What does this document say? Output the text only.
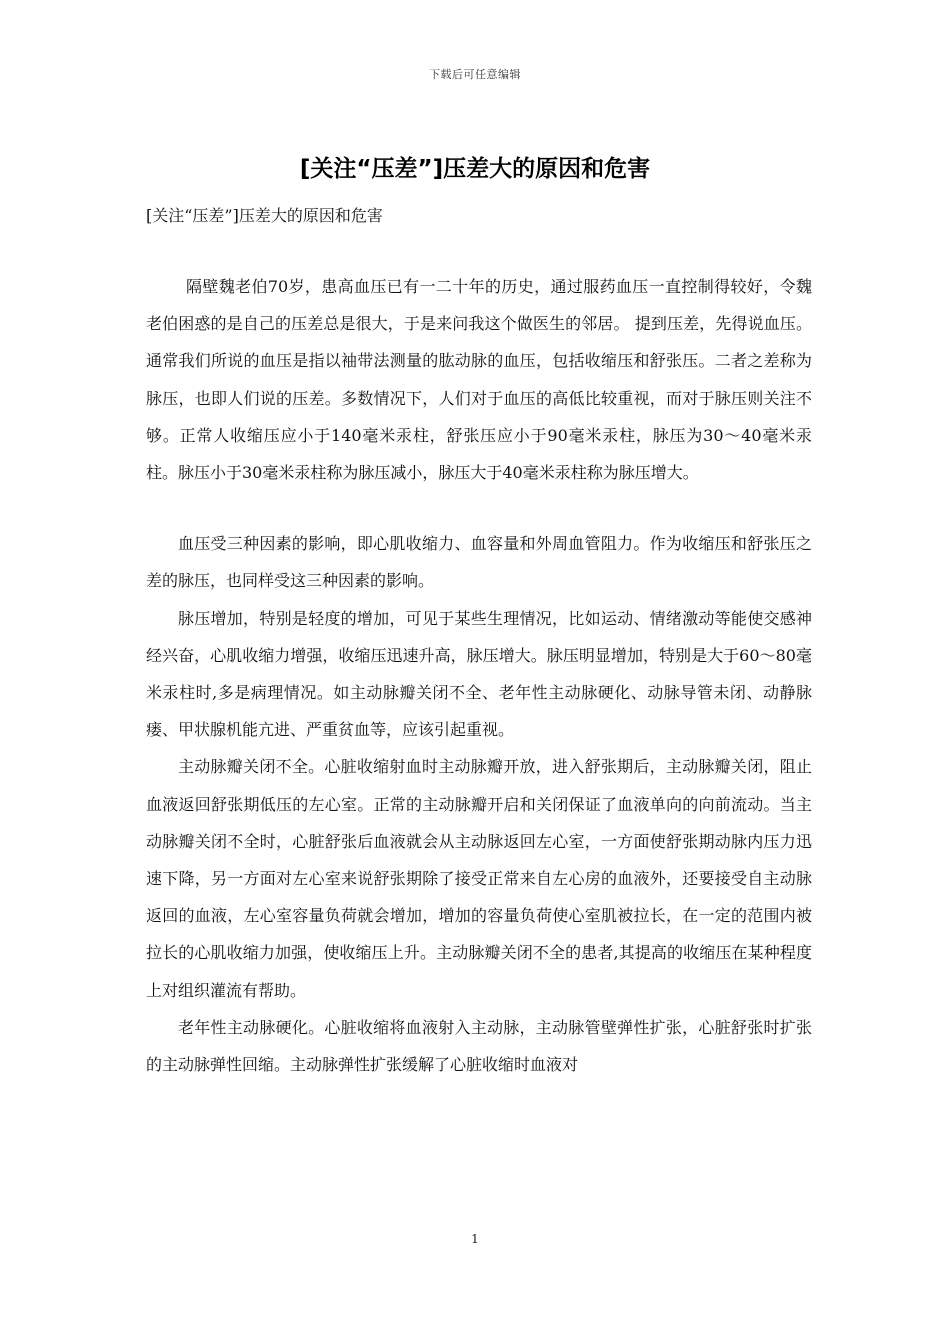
下载后可任意编辑
[关注“压差”]压差大的原因和危害
[关注“压差”]压差大的原因和危害

隔壁魏老伯70岁，患高血压已有一二十年的历史，通过服药血压一直控制得较好，令魏老伯困惑的是自己的压差总是很大，于是来问我这个做医生的邻居。 提到压差，先得说血压。通常我们所说的血压是指以袖带法测量的肱动脉的血压，包括收缩压和舒张压。二者之差称为脉压，也即人们说的压差。多数情况下，人们对于血压的高低比较重视，而对于脉压则关注不够。正常人收缩压应小于140毫米汞柱，舒张压应小于90毫米汞柱，脉压为30～40毫米汞柱。脉压小于30毫米汞柱称为脉压减小，脉压大于40毫米汞柱称为脉压增大。

血压受三种因素的影响，即心肌收缩力、血容量和外周血管阻力。作为收缩压和舒张压之差的脉压，也同样受这三种因素的影响。

脉压增加，特别是轻度的增加，可见于某些生理情况，比如运动、情绪激动等能使交感神经兴奋，心肌收缩力增强，收缩压迅速升高，脉压增大。脉压明显增加，特别是大于60～80毫米汞柱时,多是病理情况。如主动脉瓣关闭不全、老年性主动脉硬化、动脉导管未闭、动静脉瘘、甲状腺机能亢进、严重贫血等，应该引起重视。

主动脉瓣关闭不全。心脏收缩射血时主动脉瓣开放，进入舒张期后，主动脉瓣关闭，阻止血液返回舒张期低压的左心室。正常的主动脉瓣开启和关闭保证了血液单向的向前流动。当主动脉瓣关闭不全时，心脏舒张后血液就会从主动脉返回左心室，一方面使舒张期动脉内压力迅速下降，另一方面对左心室来说舒张期除了接受正常来自左心房的血液外，还要接受自主动脉返回的血液，左心室容量负荷就会增加，增加的容量负荷使心室肌被拉长，在一定的范围内被拉长的心肌收缩力加强，使收缩压上升。主动脉瓣关闭不全的患者,其提高的收缩压在某种程度上对组织灌流有帮助。

老年性主动脉硬化。心脏收缩将血液射入主动脉，主动脉管壁弹性扩张，心脏舒张时扩张的主动脉弹性回缩。主动脉弹性扩张缓解了心脏收缩时血液对

1
